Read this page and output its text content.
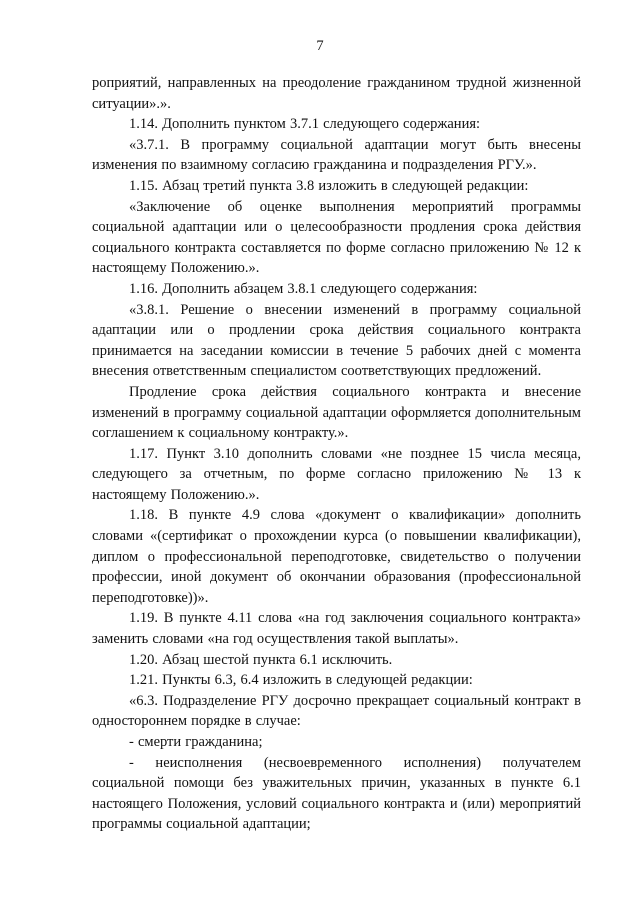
7

роприятий, направленных на преодоление гражданином трудной жизненной ситуации».».

1.14. Дополнить пунктом 3.7.1 следующего содержания:

«3.7.1. В программу социальной адаптации могут быть внесены изменения по взаимному согласию гражданина и подразделения РГУ.».

1.15. Абзац третий пункта 3.8 изложить в следующей редакции:

«Заключение об оценке выполнения мероприятий программы социальной адаптации или о целесообразности продления срока действия социального контракта составляется по форме согласно приложению № 12 к настоящему Положению.».

1.16. Дополнить абзацем 3.8.1 следующего содержания:

«3.8.1. Решение о внесении изменений в программу социальной адаптации или о продлении срока действия социального контракта принимается на заседании комиссии в течение 5 рабочих дней с момента внесения ответственным специалистом соответствующих предложений.

Продление срока действия социального контракта и внесение изменений в программу социальной адаптации оформляется дополнительным соглашением к социальному контракту.».

1.17. Пункт 3.10 дополнить словами «не позднее 15 числа месяца, следующего за отчетным, по форме согласно приложению № 13 к настоящему Положению.».

1.18. В пункте 4.9 слова «документ о квалификации» дополнить словами «(сертификат о прохождении курса (о повышении квалификации), диплом о профессиональной переподготовке, свидетельство о получении профессии, иной документ об окончании образования (профессиональной переподготовке))».

1.19. В пункте 4.11 слова «на год заключения социального контракта» заменить словами «на год осуществления такой выплаты».

1.20. Абзац шестой пункта 6.1 исключить.

1.21. Пункты 6.3, 6.4 изложить в следующей редакции:

«6.3. Подразделение РГУ досрочно прекращает социальный контракт в одностороннем порядке в случае:

- смерти гражданина;

- неисполнения (несвоевременного исполнения) получателем социальной помощи без уважительных причин, указанных в пункте 6.1 настоящего Положения, условий социального контракта и (или) мероприятий программы социальной адаптации;
